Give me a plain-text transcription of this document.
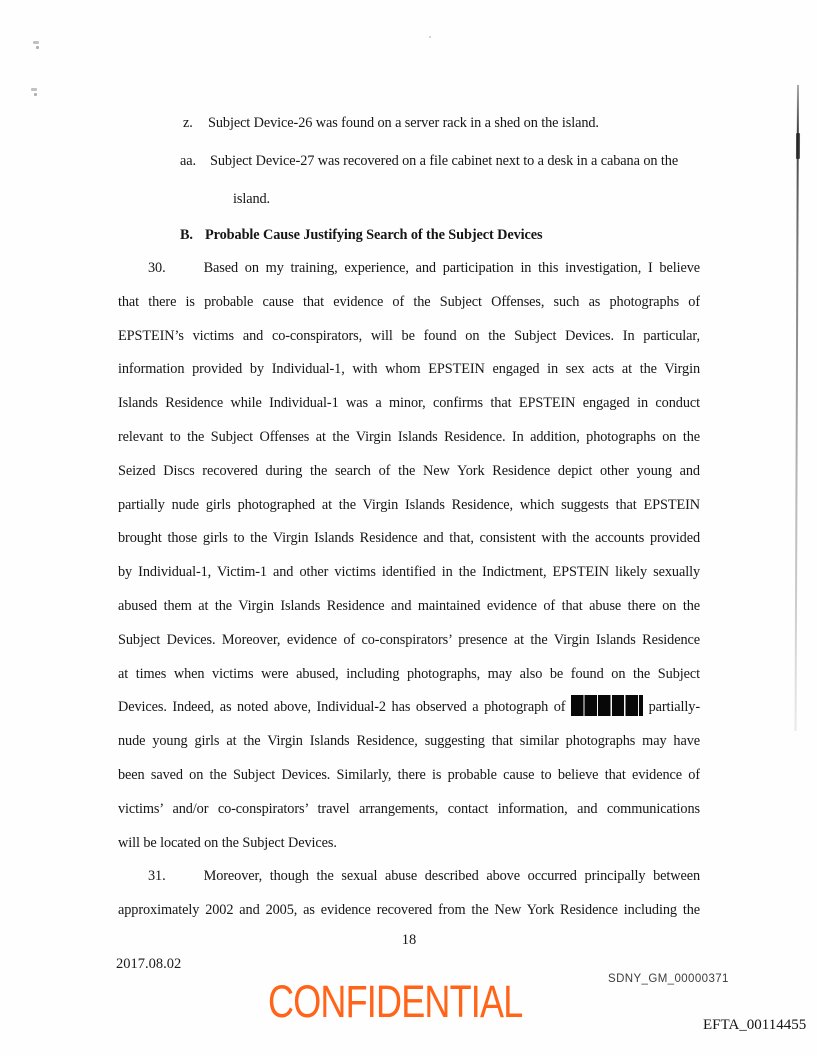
z. Subject Device-26 was found on a server rack in a shed on the island.
aa. Subject Device-27 was recovered on a file cabinet next to a desk in a cabana on the
island.
B. Probable Cause Justifying Search of the Subject Devices
30.	Based on my training, experience, and participation in this investigation, I believe
that there is probable cause that evidence of the Subject Offenses, such as photographs of
EPSTEIN’s victims and co-conspirators, will be found on the Subject Devices. In particular,
information provided by Individual-1, with whom EPSTEIN engaged in sex acts at the Virgin
Islands Residence while Individual-1 was a minor, confirms that EPSTEIN engaged in conduct
relevant to the Subject Offenses at the Virgin Islands Residence. In addition, photographs on the
Seized Discs recovered during the search of the New York Residence depict other young and
partially nude girls photographed at the Virgin Islands Residence, which suggests that EPSTEIN
brought those girls to the Virgin Islands Residence and that, consistent with the accounts provided
by Individual-1, Victim-1 and other victims identified in the Indictment, EPSTEIN likely sexually
abused them at the Virgin Islands Residence and maintained evidence of that abuse there on the
Subject Devices. Moreover, evidence of co-conspirators’ presence at the Virgin Islands Residence
at times when victims were abused, including photographs, may also be found on the Subject
Devices. Indeed, as noted above, Individual-2 has observed a photograph of	partially-
nude young girls at the Virgin Islands Residence, suggesting that similar photographs may have
been saved on the Subject Devices. Similarly, there is probable cause to believe that evidence of
victims’ and/or co-conspirators’ travel arrangements, contact information, and communications
will be located on the Subject Devices.
31.	Moreover, though the sexual abuse described above occurred principally between
approximately 2002 and 2005, as evidence recovered from the New York Residence including the
18
2017.08.02
CONFIDENTIAL	SDNY_GM_00000371
EFTA_00114455
